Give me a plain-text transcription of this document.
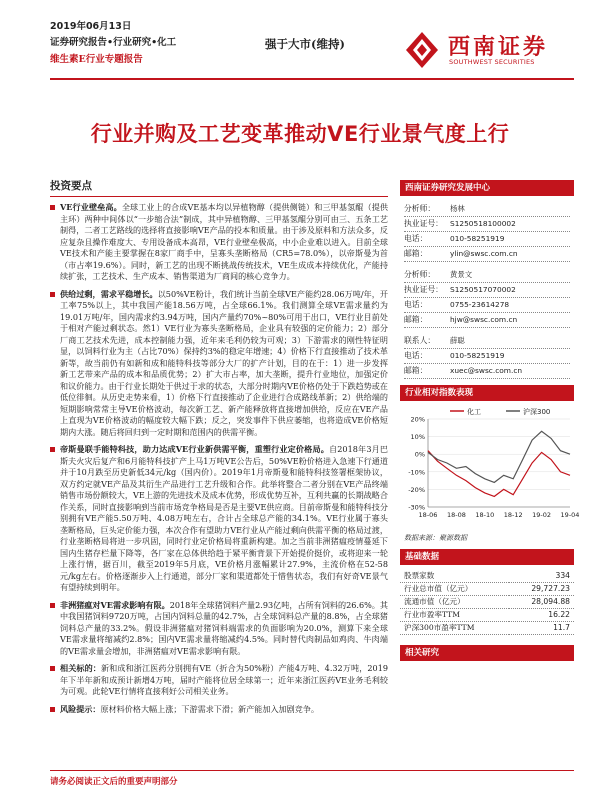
2019年06月13日
证券研究报告•行业研究•化工
维生素E行业专题报告
强于大市(维持)	西南证券
SOUTHWEST SECURITIES
行业并购及工艺变革推动VE行业景气度上行
投资要点
VE行业壁垒高。全球工业上的合成VE基本均以异植物醇（提供侧链）和三甲基氢醌（提供主环）两种中间体以“一步缩合法”制成，其中异植物醇、三甲基氢醌分别可由三、五条工艺制得，二者工艺路线的选择将直接影响VE产品的投本和质量。由于涉及原料和方法众多，反应复杂且操作难度大、专用设备成本高昂，VE行业壁垒极高，中小企业难以进入。目前全球VE技术和产能主要掌握在8家厂商手中，呈寡头垄断格局（CR5=78.0%），以帝斯曼为首（市占率19.6%）。同时，新工艺的出现不断挑战传统技术，VE生成成本持续优化，产能持续扩张，工艺技术、生产成本、销售渠道为厂商间的核心竞争力。
供给过剩，需求平稳增长。以50%VE粉计，我们统计当前全球VE产能约28.06万吨/年，开工率75%以上，其中我国产能18.56万吨，占全球66.1%。我们测算全球VE需求量约为19.01万吨/年，国内需求约3.94万吨，国内产量约70%~80%可用于出口，VE行业目前处于相对产能过剩状态。然1）VE行业为寡头垄断格局，企业具有较强的定价能力；2）部分厂商工艺技术先进，成本控制能力强，近年来毛利仍较为可观；3）下游需求的刚性特征明显，以饲料行业为主（占比70%）保持约3%的稳定年增速；4）价格下行直接推动了技术革新等，故当前仍有如新和成和能特科技等部分大厂的扩产计划，目的在于：1）进一步发挥新工艺带来产品的成本和品质优势；2）扩大市占率，加大垄断，提升行业地位，加强定价和议价能力。由于行业长期处于供过于求的状态，大部分时期内VE价格仍处于下跌趋势或在低位徘徊。从历史走势来看，1）价格下行直接推动了企业进行合成路线革新；2）供给端的短期影响常常主导VE价格波动，每次新工艺、新产能释放将直接增加供给，反应在VE产品上直现为VE价格波动的幅度较大幅下跌；反之，突发事件下供应萎缩，也将造成VE价格短期内大涨。随后将回归到一定时期和范围内的供需平衡。
帝斯曼联手能特科技，助力达成VE行业新供需平衡，重塑行业定价格局。自2018年3月巴斯夫火灾后复产和6月能特科技扩产上马1万吨VE公告后，50%VE粉价格进入急速下行通道并于10月跌至历史新低34元/kg（国内价）。2019年1月帝斯曼和能特科技签署框架协议，双方约定就VE产品及其衍生产品进行工艺升级和合作。此举将整合二者分别在VE产品终端销售市场份额较大，VE上游的先进技术及成本优势，形成优势互补，互利共赢的长期战略合作关系，同时直接影响到当前市场竞争格局是否是主要VE供应商。目前帝斯曼和能特科技分别拥有VE产能5.50万吨、4.08万吨左右，合计占全球总产能的34.1%。VE行业属于寡头垄断格局，巨头定价能力强，本次合作有望助力VE行业从产能过剩向供需平衡的格局过渡，行业垄断格局将进一步巩固，同时行业定价格局将重新构建。加之当前非洲猪瘟疫情蔓延下国内生猪存栏量下降等，各厂家在总体供给趋于紧平衡背景下开始提价挺价，或将迎来一轮上涨行情，据百川，截至2019年5月底，VE价格月涨幅累计27.9%，主流价格在52-58元/kg左右。价格逐渐步入上行通道，部分厂家和渠道都处于惜售状态，我们有好奇VE景气有望持续到明年。
非洲猪瘟对VE需求影响有限。2018年全球猪饲料产量2.93亿吨，占所有饲料的26.6%。其中我国猪饲料9720万吨，占国内饲料总量的42.7%，占全球饲料总产量的8.8%，占全球猪饲料总产量的33.2%。假设非洲猪瘟对猪饲料端需求的负面影响为20.0%，测算下来全球VE需求量将缩减约2.8%；国内VE需求量将缩减约4.5%。同时替代肉制品如鸡肉、牛肉端的VE需求量会增加，非洲猪瘟对VE需求影响有限。
相关标的：新和成和浙江医药分别拥有VE（折合为50%粉）产能4万吨、4.32万吨，2019年下半年新和成预计新增4万吨，届时产能将位居全球第一；近年来浙江医药VE业务毛利较为可观。此轮VE行情将直接利好公司相关业务。
风险提示：原材料价格大幅上涨；下游需求下滑；新产能加入加剧竞争。
西南证券研究发展中心
分析师：	杨林
执业证号： S1250518100002
电话：	010-58251919
邮箱：	ylin@swsc.com.cn
分析师：	黄景文
执业证号： S1250517070002
电话：	0755-23614278
邮箱：	hjw@swsc.com.cn
联系人：	薛聪
电话：	010-58251919
邮箱：	xuec@swsc.com.cn
行业相对指数表现
化工	沪深300
20%
10%
0%
-10%
-20%
-30%
18-06 18-08 18-10 18-12 19-02 19-04
数据来源：聚源数据
基础数据
股票家数	334
行业总市值（亿元）	29,727.23
流通市值（亿元）	28,094.88
行业市盈率TTM	16.22
沪深300市盈率TTM	11.7
相关研究
请务必阅读正文后的重要声明部分
